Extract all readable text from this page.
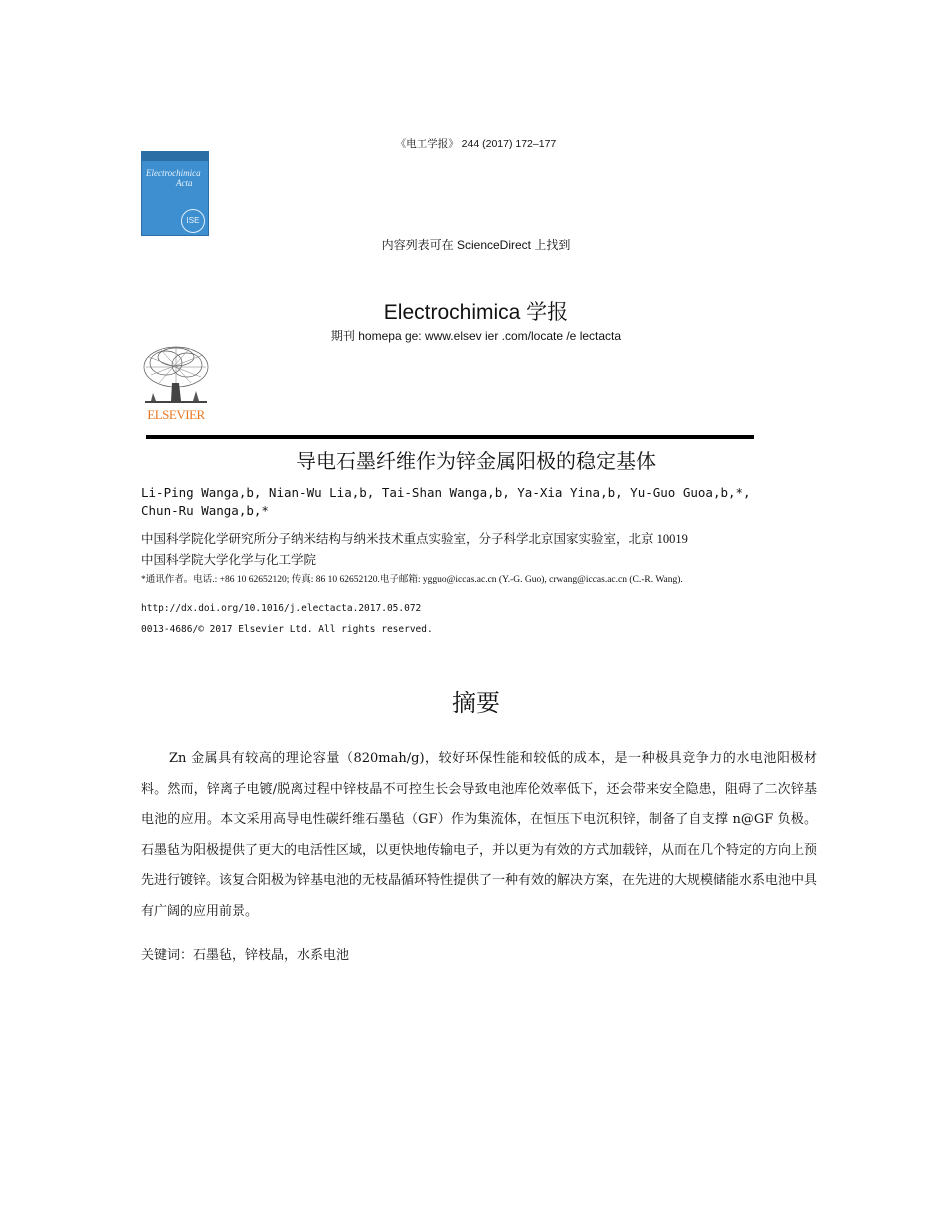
《电工学报》 244 (2017) 172–177
Electrochimica
Acta
ISE
内容列表可在 ScienceDirect 上找到
Electrochimica 学报
期刊 homepa ge: www.elsev ier .com/locate /e lectacta
ELSEVIER
导电石墨纤维作为锌金属阳极的稳定基体
Li-Ping Wanga,b, Nian-Wu Lia,b, Tai-Shan Wanga,b, Ya-Xia Yina,b, Yu-Guo Guoa,b,*, Chun-Ru Wanga,b,*
中国科学院化学研究所分子纳米结构与纳米技术重点实验室，分子科学北京国家实验室，北京 10019
中国科学院大学化学与化工学院
*通讯作者。电话.: +86 10 62652120; 传真: 86 10 62652120.电子邮箱: ygguo@iccas.ac.cn (Y.-G. Guo), crwang@iccas.ac.cn (C.-R. Wang).
http://dx.doi.org/10.1016/j.electacta.2017.05.072
0013-4686/© 2017 Elsevier Ltd. All rights reserved.
摘要
Zn 金属具有较高的理论容量（820mah/g)，较好环保性能和较低的成本，是一种极具竞争力的水电池阳极材料。然而，锌离子电镀/脱离过程中锌枝晶不可控生长会导致电池库伦效率低下，还会带来安全隐患，阻碍了二次锌基电池的应用。本文采用高导电性碳纤维石墨毡（GF）作为集流体，在恒压下电沉积锌，制备了自支撑 n@GF 负极。石墨毡为阳极提供了更大的电活性区域，以更快地传输电子，并以更为有效的方式加载锌，从而在几个特定的方向上预先进行镀锌。该复合阳极为锌基电池的无枝晶循环特性提供了一种有效的解决方案，在先进的大规模储能水系电池中具有广阔的应用前景。
关键词：石墨毡，锌枝晶，水系电池
